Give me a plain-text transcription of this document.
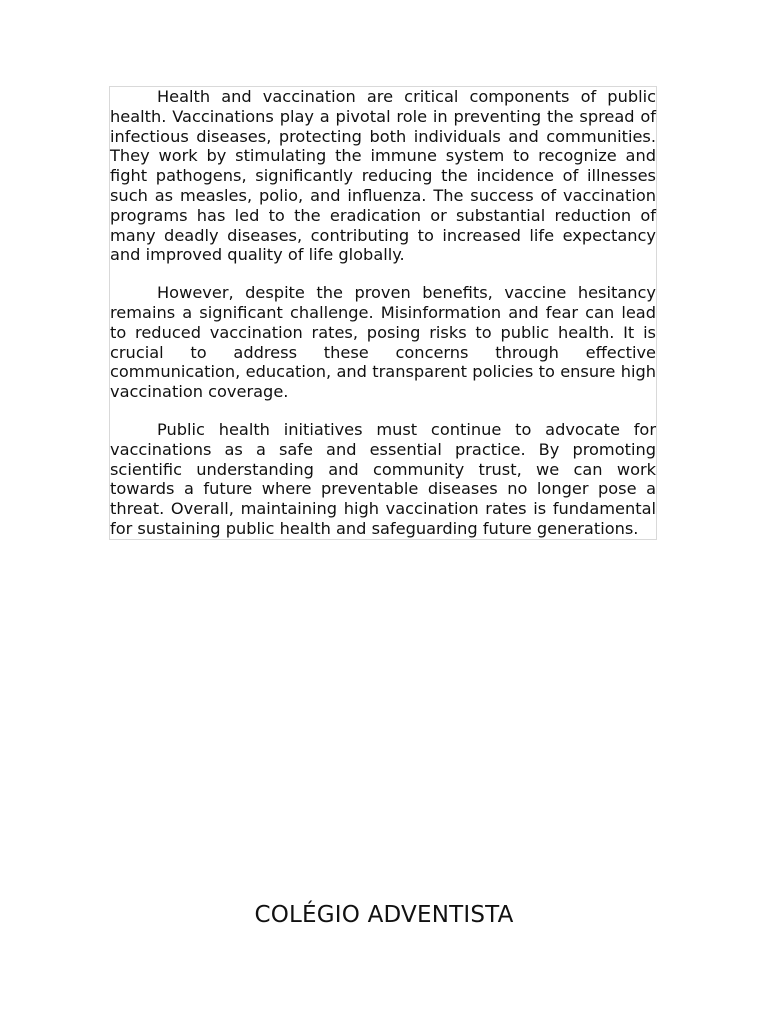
Health and vaccination are critical components of public health. Vaccinations play a pivotal role in preventing the spread of infectious diseases, protecting both individuals and communities. They work by stimulating the immune system to recognize and fight pathogens, significantly reducing the incidence of illnesses such as measles, polio, and influenza. The success of vaccination programs has led to the eradication or substantial reduction of many deadly diseases, contributing to increased life expectancy and improved quality of life globally.

However, despite the proven benefits, vaccine hesitancy remains a significant challenge. Misinformation and fear can lead to reduced vaccination rates, posing risks to public health. It is crucial to address these concerns through effective communication, education, and transparent policies to ensure high vaccination coverage.

Public health initiatives must continue to advocate for vaccinations as a safe and essential practice. By promoting scientific understanding and community trust, we can work towards a future where preventable diseases no longer pose a threat. Overall, maintaining high vaccination rates is fundamental for sustaining public health and safeguarding future generations.

COLÉGIO ADVENTISTA
